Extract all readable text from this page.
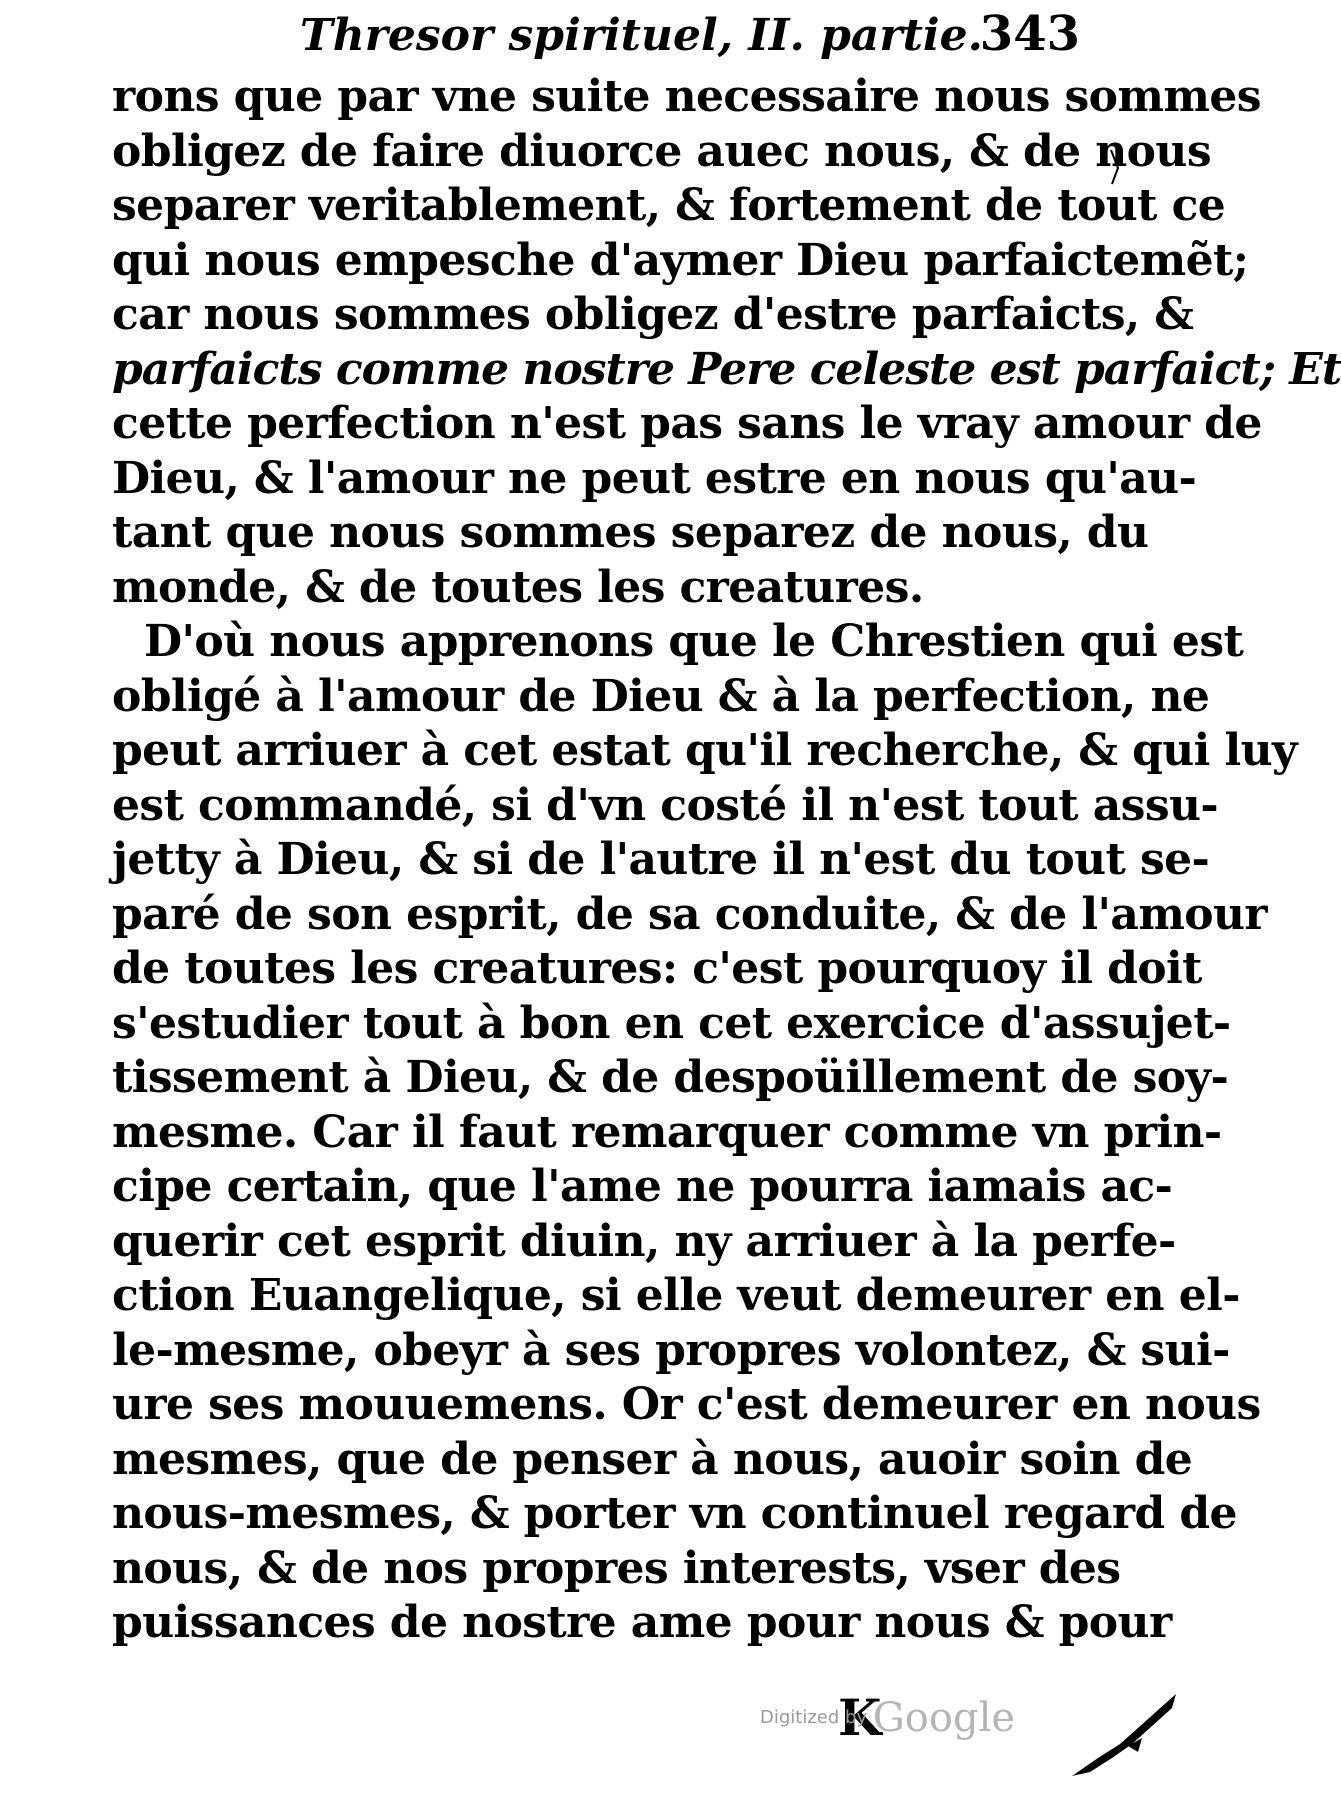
Thresor spirituel, II. partie.
343
rons que par vne suite necessaire nous sommes
obligez de faire diuorce auec nous, & de nous
separer veritablement, & fortement de tout ce
qui nous empesche d'aymer Dieu parfaictemẽt;
car nous sommes obligez d'estre parfaicts, &
parfaicts comme nostre Pere celeste est parfaict; Et
cette perfection n'est pas sans le vray amour de
Dieu, & l'amour ne peut estre en nous qu'au-
tant que nous sommes separez de nous, du
monde, & de toutes les creatures.
D'où nous apprenons que le Chrestien qui est
obligé à l'amour de Dieu & à la perfection, ne
peut arriuer à cet estat qu'il recherche, & qui luy
est commandé, si d'vn costé il n'est tout assu-
jetty à Dieu, & si de l'autre il n'est du tout se-
paré de son esprit, de sa conduite, & de l'amour
de toutes les creatures: c'est pourquoy il doit
s'estudier tout à bon en cet exercice d'assujet-
tissement à Dieu, & de despoüillement de soy-
mesme. Car il faut remarquer comme vn prin-
cipe certain, que l'ame ne pourra iamais ac-
querir cet esprit diuin, ny arriuer à la perfe-
ction Euangelique, si elle veut demeurer en el-
le-mesme, obeyr à ses propres volontez, & sui-
ure ses mouuemens. Or c'est demeurer en nous
mesmes, que de penser à nous, auoir soin de
nous-mesmes, & porter vn continuel regard de
nous, & de nos propres interests, vser des
puissances de nostre ame pour nous & pour
K
Digitized by Google
